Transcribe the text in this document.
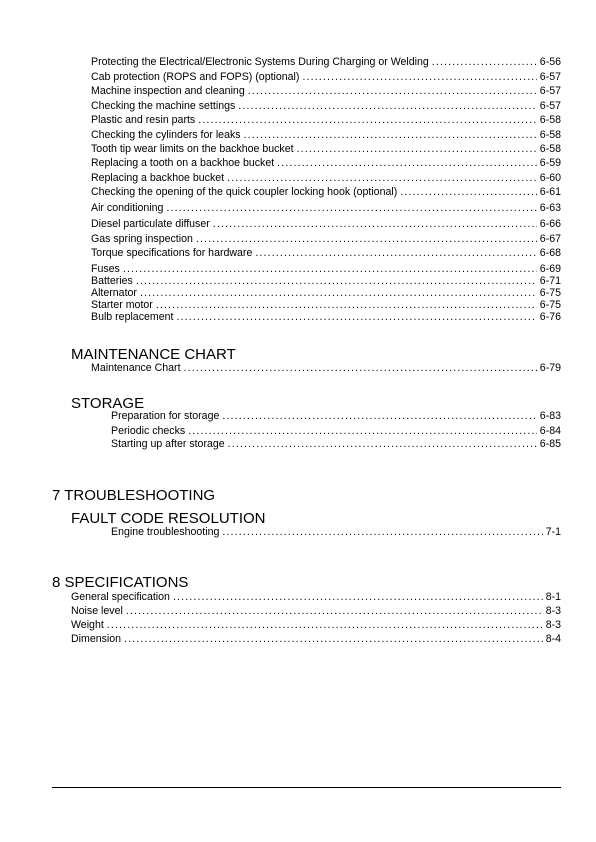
Protecting the Electrical/Electronic Systems During Charging or Welding . . .	6-56
Cab protection (ROPS and FOPS) (optional) . . .	6-57
Machine inspection and cleaning . . .	6-57
Checking the machine settings . . .	6-57
Plastic and resin parts . . .	6-58
Checking the cylinders for leaks . . .	6-58
Tooth tip wear limits on the backhoe bucket . . .	6-58
Replacing a tooth on a backhoe bucket . . .	6-59
Replacing a backhoe bucket . . .	6-60
Checking the opening of the quick coupler locking hook (optional) . . .	6-61
Air conditioning . . .	6-63
Diesel particulate diffuser . . .	6-66
Gas spring inspection . . .	6-67
Torque specifications for hardware . . .	6-68
Fuses . . .	6-69
Batteries . . .	6-71
Alternator . . .	6-75
Starter motor . . .	6-75
Bulb replacement . . .	6-76
MAINTENANCE CHART
Maintenance Chart . . .	6-79
STORAGE
Preparation for storage . . .	6-83
Periodic checks . . .	6-84
Starting up after storage . . .	6-85
7 TROUBLESHOOTING
FAULT CODE RESOLUTION
Engine troubleshooting . . .	7-1
8 SPECIFICATIONS
General specification . . .	8-1
Noise level . . .	8-3
Weight . . .	8-3
Dimension . . .	8-4
